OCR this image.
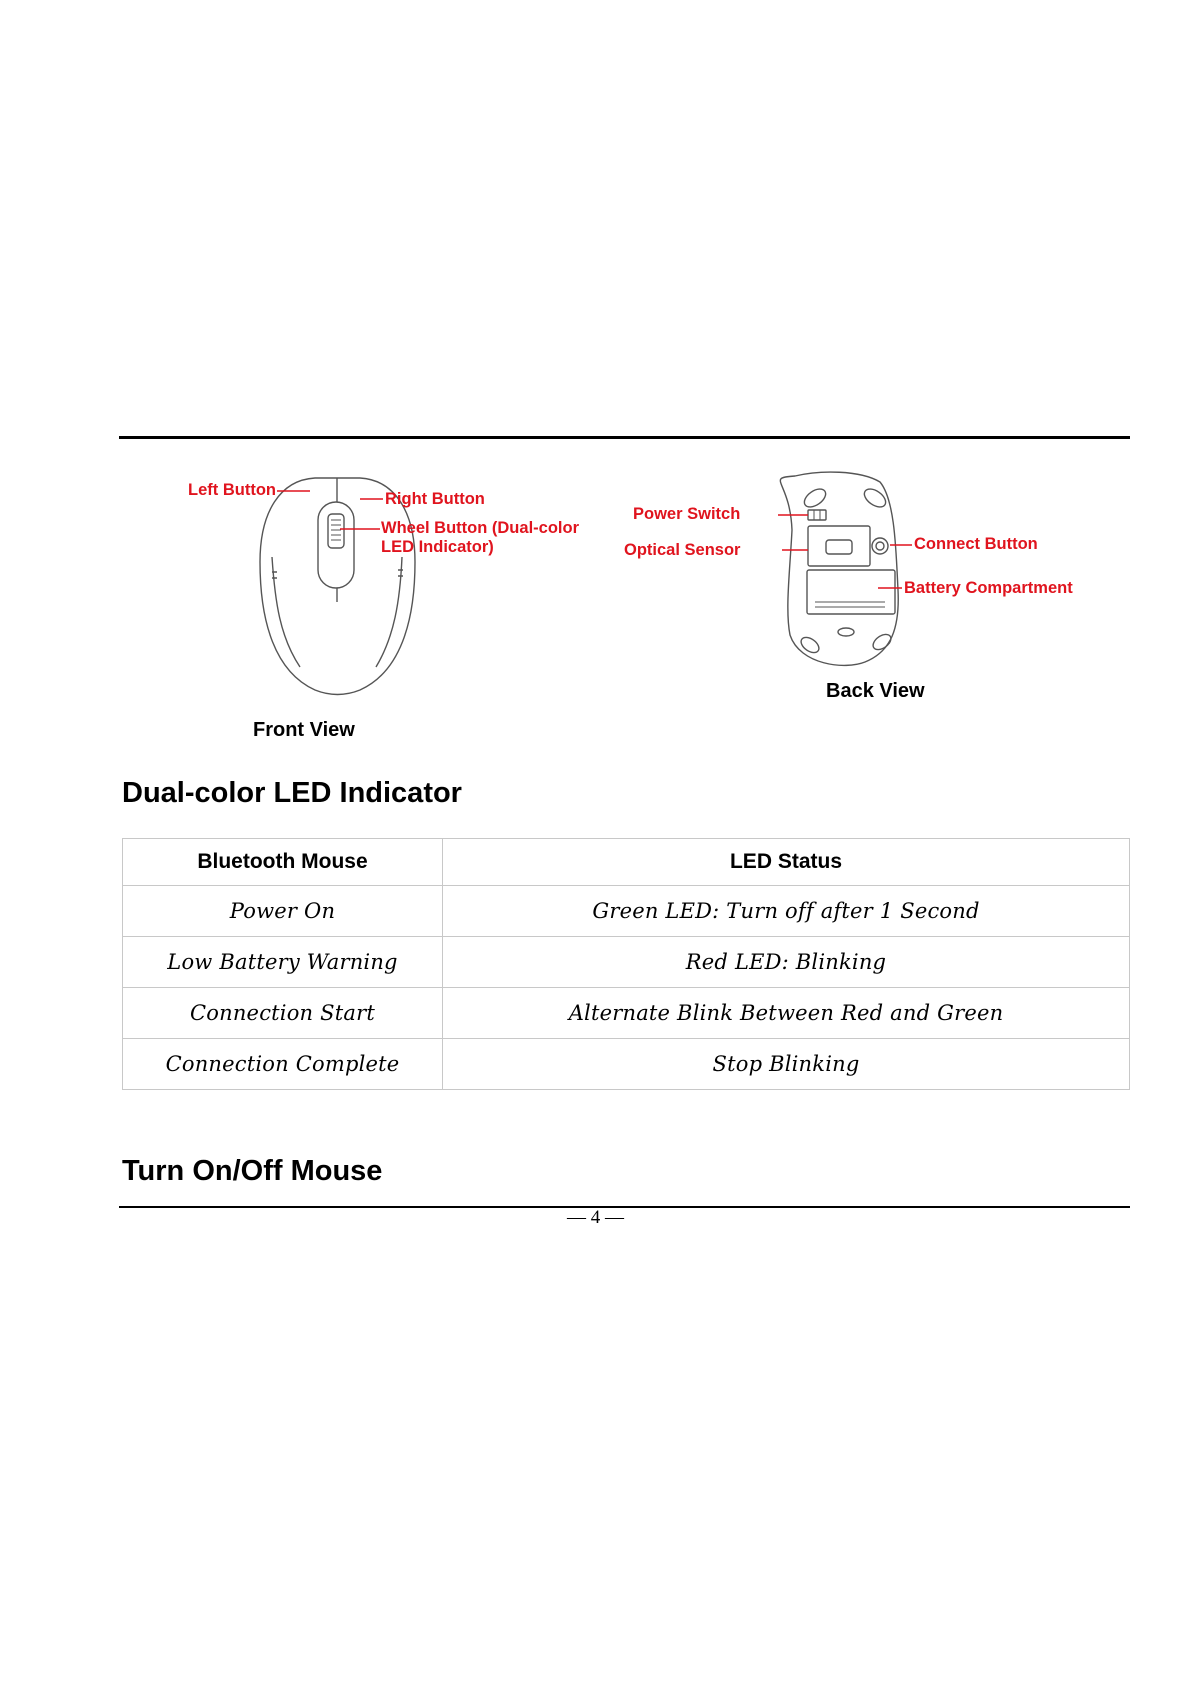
Left Button	Right Button
Wheel Button (Dual-color
LED Indicator)
Front View
Power Switch
Optical Sensor	Connect Button
Battery Compartment
Back View
Dual-color LED Indicator
Bluetooth Mouse	LED Status
Power On	Green LED: Turn off after 1 Second
Low Battery Warning	Red LED: Blinking
Connection Start	Alternate Blink Between Red and Green
Connection Complete	Stop Blinking
Turn On/Off Mouse
— 4 —
